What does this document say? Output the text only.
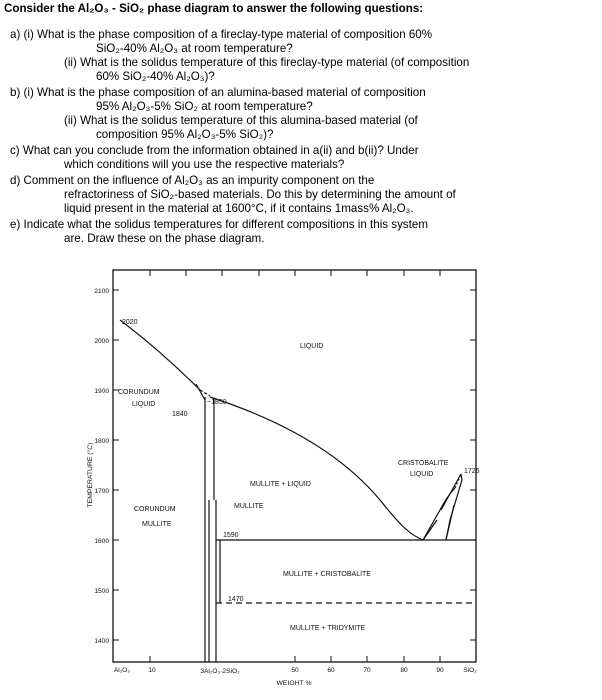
Consider the Al₂O₃ - SiO₂ phase diagram to answer the following questions:
a) (i) What is the phase composition of a fireclay-type material of composition 60%
SiO₂-40% Al₂O₃ at room temperature?
(ii) What is the solidus temperature of this fireclay-type material (of composition
60% SiO₂-40% Al₂O₃)?
b) (i) What is the phase composition of an alumina-based material of composition
95% Al₂O₃-5% SiO₂ at room temperature?
(ii) What is the solidus temperature of this alumina-based material (of
composition 95% Al₂O₃-5% SiO₂)?
c) What can you conclude from the information obtained in a(ii) and b(ii)? Under
which conditions will you use the respective materials?
d) Comment on the influence of Al₂O₃ as an impurity component on the
refractoriness of SiO₂-based materials. Do this by determining the amount of
liquid present in the material at 1600°C, if it contains 1mass% Al₂O₃.
e) Indicate what the solidus temperatures for different compositions in this system
are. Draw these on the phase diagram.
2100
2000
1900
1800
1700
1600
1500
1400
TEMPERATURE (°C)
Al₂O₃	10	3Al₂O₃·2SiO₂	50	60	70	80	90	SiO₂
WEIGHT %
2020
1840
~1850
1590
1470
1725
LIQUID
CORUNDUM
LIQUID
CORUNDUM
MULLITE
MULLITE + LIQUID
MULLITE
CRISTOBALITE
LIQUID
MULLITE + CRISTOBALITE
MULLITE + TRIDYMITE
